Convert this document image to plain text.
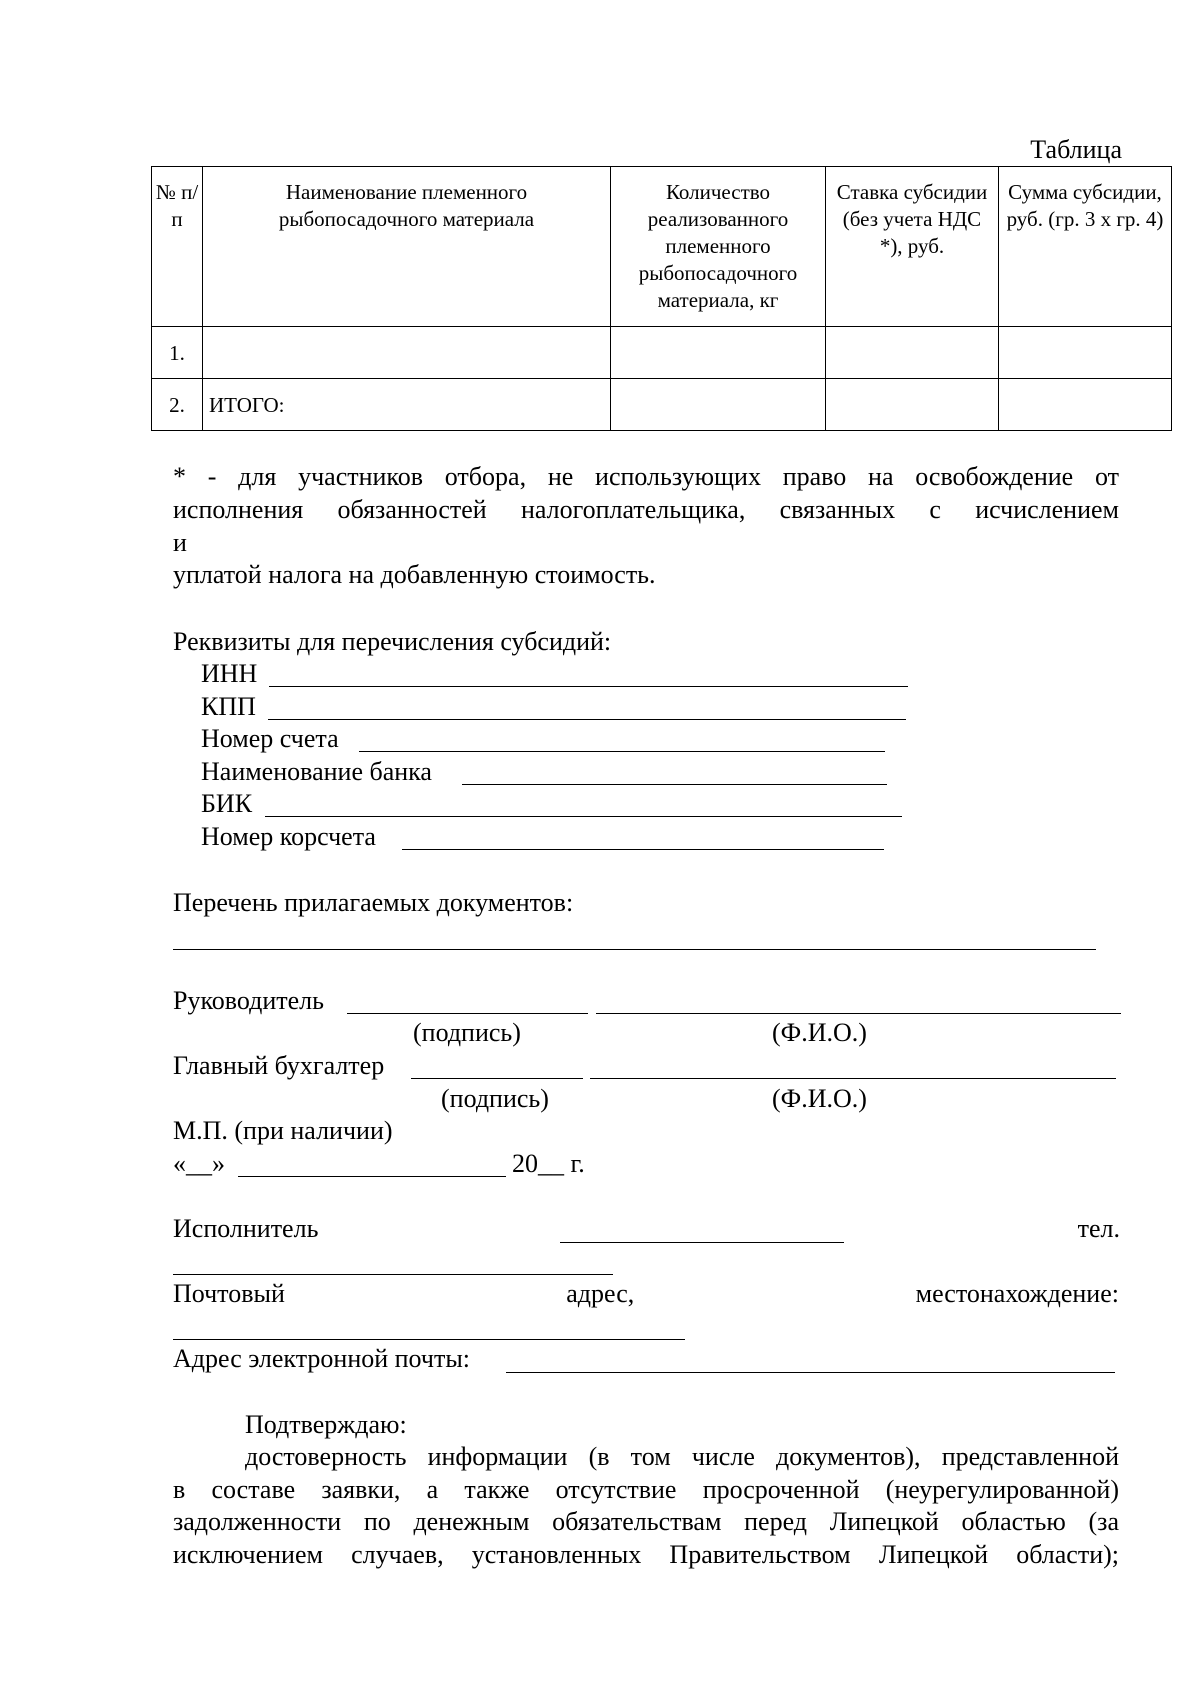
Таблица
№ п/п	Наименование племенного рыбопосадочного материала	Количество реализованного племенного рыбопосадочного материала, кг	Ставка субсидии (без учета НДС *), руб.	Сумма субсидии, руб. (гр. 3 х гр. 4)
1.				
2.	ИТОГО:			
* - для участников отбора, не использующих право на освобождение от
исполнения обязанностей налогоплательщика, связанных с исчислением
и
уплатой налога на добавленную стоимость.
Реквизиты для перечисления субсидий:
ИНН
КПП
Номер счета
Наименование банка
БИК
Номер корсчета
Перечень прилагаемых документов:
Руководитель
(подпись)	(Ф.И.О.)
Главный бухгалтер
(подпись)	(Ф.И.О.)
М.П. (при наличии)
«__»	20__ г.
Исполнитель	тел.
Почтовый	адрес,	местонахождение:
Адрес электронной почты:
Подтверждаю:
достоверность информации (в том числе документов), представленной
в составе заявки, а также отсутствие просроченной (неурегулированной)
задолженности по денежным обязательствам перед Липецкой областью (за
исключением случаев, установленных Правительством Липецкой области);
